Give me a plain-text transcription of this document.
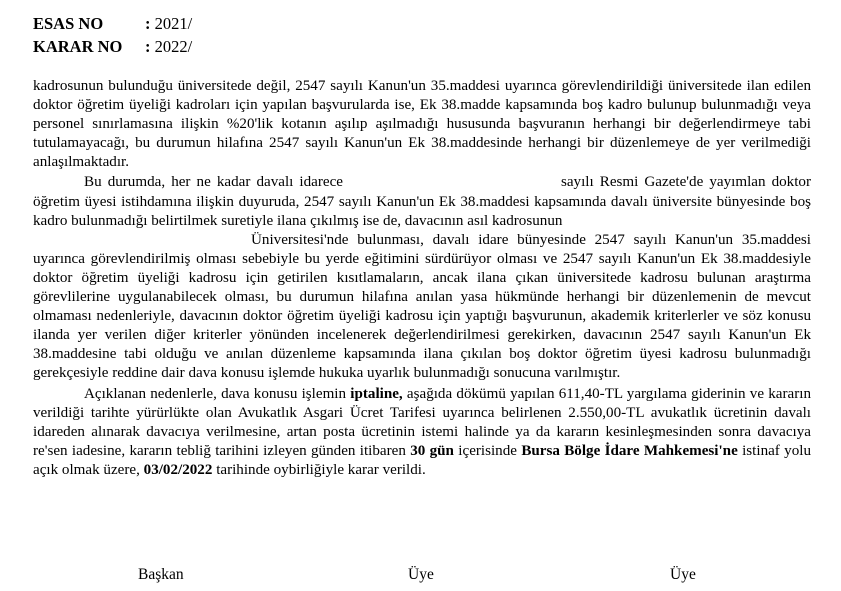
ESAS NO	: 2021/
KARAR NO : 2022/

kadrosunun bulunduğu üniversitede değil, 2547 sayılı Kanun'un 35.maddesi uyarınca görevlendirildiği üniversitede ilan edilen doktor öğretim üyeliği kadroları için yapılan başvurularda ise, Ek 38.madde kapsamında boş kadro bulunup bulunmadığı veya personel sınırlamasına ilişkin %20'lik kotanın aşılıp aşılmadığı hususunda başvuranın herhangi bir değerlendirmeye tabi tutulamayacağı, bu durumun hilafına 2547 sayılı Kanun'un Ek 38.maddesinde herhangi bir düzenlemeye de yer verilmediği anlaşılmaktadır.

Bu durumda, her ne kadar davalı idarece	sayılı Resmi Gazete'de yayımlan doktor öğretim üyesi istihdamına ilişkin duyuruda, 2547 sayılı Kanun'un Ek 38.maddesi kapsamında davalı üniversite bünyesinde boş kadro bulunmadığı belirtilmek suretiyle ilana çıkılmış ise de, davacının asıl kadrosunun
Üniversitesi'nde bulunması, davalı idare bünyesinde 2547 sayılı Kanun'un 35.maddesi uyarınca görevlendirilmiş olması sebebiyle bu yerde eğitimini sürdürüyor olması ve 2547 sayılı Kanun'un Ek 38.maddesiyle doktor öğretim üyeliği kadrosu için getirilen kısıtlamaların, ancak ilana çıkan üniversitede kadrosu bulunan araştırma görevlilerine uygulanabilecek olması, bu durumun hilafına anılan yasa hükmünde herhangi bir düzenlemenin de mevcut olmaması nedenleriyle, davacının doktor öğretim üyeliği kadrosu için yaptığı başvurunun, akademik kriterlerler ve söz konusu ilanda yer verilen diğer kriterler yönünden incelenerek değerlendirilmesi gerekirken, davacının 2547 sayılı Kanun'un Ek 38.maddesine tabi olduğu ve anılan düzenleme kapsamında ilana çıkılan boş doktor öğretim üyesi kadrosu bulunmadığı gerekçesiyle reddine dair dava konusu işlemde hukuka uyarlık bulunmadığı sonucuna varılmıştır.

Açıklanan nedenlerle, dava konusu işlemin iptaline, aşağıda dökümü yapılan 611,40-TL yargılama giderinin ve kararın verildiği tarihte yürürlükte olan Avukatlık Asgari Ücret Tarifesi uyarınca belirlenen 2.550,00-TL avukatlık ücretinin davalı idareden alınarak davacıya verilmesine, artan posta ücretinin istemi halinde ya da kararın kesinleşmesinden sonra davacıya re'sen iadesine, kararın tebliğ tarihini izleyen günden itibaren 30 gün içerisinde Bursa Bölge İdare Mahkemesi'ne istinaf yolu açık olmak üzere, 03/02/2022 tarihinde oybirliğiyle karar verildi.

Başkan	Üye	Üye
